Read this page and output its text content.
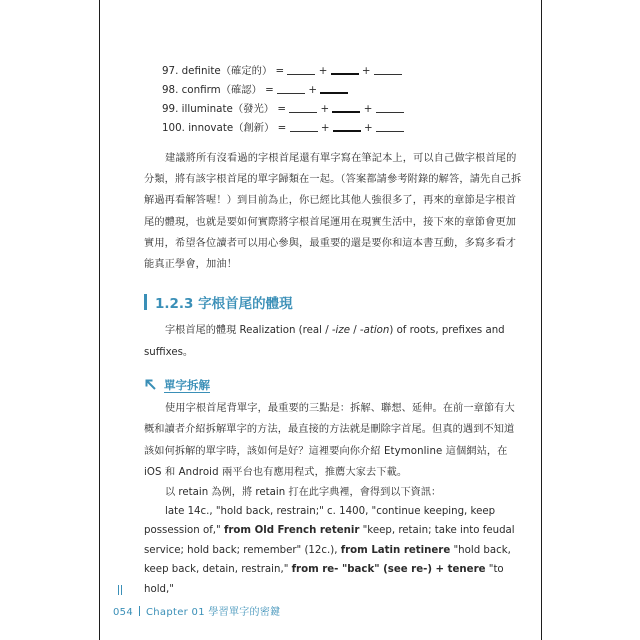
97. definite（確定的） =	+	+
98. confirm（確認） =	+
99. illuminate（發光） =	+	+
100. innovate（創新） =	+	+
建議將所有沒看過的字根首尾還有單字寫在筆記本上，可以自己做字根首尾的分類，將有該字根首尾的單字歸類在一起。（答案都請參考附錄的解答，請先自己拆解過再看解答喔！）到目前為止，你已經比其他人強很多了，再來的章節是字根首尾的體現，也就是要如何實際將字根首尾運用在現實生活中，接下來的章節會更加實用，希望各位讀者可以用心參與，最重要的還是要你和這本書互動，多寫多看才能真正學會，加油！
1.2.3 字根首尾的體現
字根首尾的體現 Realization (real / -ize / -ation) of roots, prefixes and suffixes。
單字拆解
使用字根首尾背單字，最重要的三點是：拆解、聯想、延伸。在前一章節有大概和讀者介紹拆解單字的方法，最直接的方法就是刪除字首尾。但真的遇到不知道該如何拆解的單字時，該如何是好？這裡要向你介紹 Etymonline 這個網站，在 iOS 和 Android 兩平台也有應用程式，推薦大家去下載。
以 retain 為例，將 retain 打在此字典裡，會得到以下資訊：
late 14c., "hold back, restrain;" c. 1400, "continue keeping, keep possession of," from Old French retenir "keep, retain; take into feudal service; hold back; remember" (12c.), from Latin retinere "hold back, keep back, detain, restrain," from re- "back" (see re-) + tenere "to hold,"
054 Chapter 01 學習單字的密鍵
